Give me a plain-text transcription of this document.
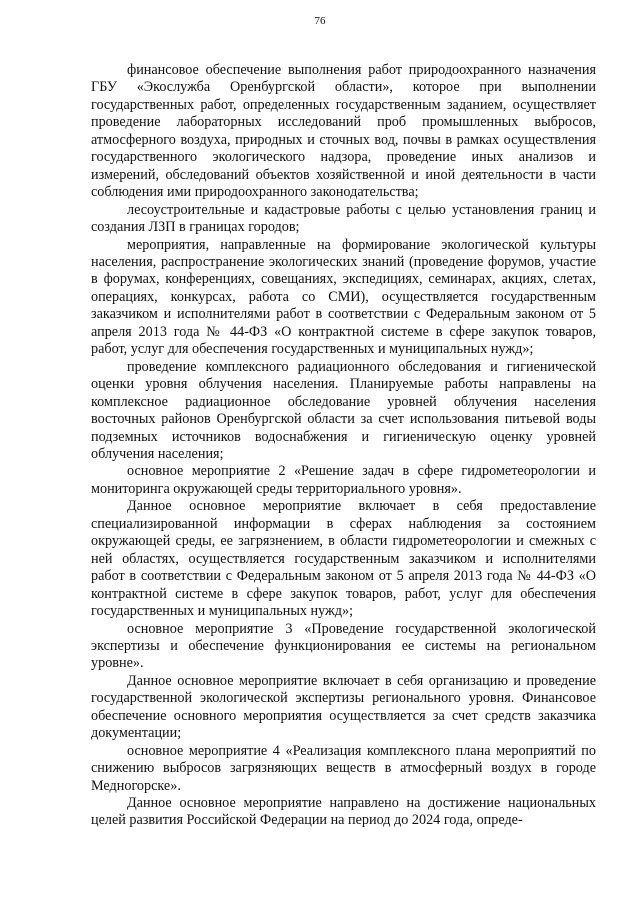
76

финансовое обеспечение выполнения работ природоохранного назначения ГБУ «Экослужба Оренбургской области», которое при выполнении государственных работ, определенных государственным заданием, осуществляет проведение лабораторных исследований проб промышленных выбросов, атмосферного воздуха, природных и сточных вод, почвы в рамках осуществления государственного экологического надзора, проведение иных анализов и измерений, обследований объектов хозяйственной и иной деятельности в части соблюдения ими природоохранного законодательства;

лесоустроительные и кадастровые работы с целью установления границ и создания ЛЗП в границах городов;

мероприятия, направленные на формирование экологической культуры населения, распространение экологических знаний (проведение форумов, участие в форумах, конференциях, совещаниях, экспедициях, семинарах, акциях, слетах, операциях, конкурсах, работа со СМИ), осуществляется государственным заказчиком и исполнителями работ в соответствии с Федеральным законом от 5 апреля 2013 года № 44-ФЗ «О контрактной системе в сфере закупок товаров, работ, услуг для обеспечения государственных и муниципальных нужд»;

проведение комплексного радиационного обследования и гигиенической оценки уровня облучения населения. Планируемые работы направлены на комплексное радиационное обследование уровней облучения населения восточных районов Оренбургской области за счет использования питьевой воды подземных источников водоснабжения и гигиеническую оценку уровней облучения населения;

основное мероприятие 2 «Решение задач в сфере гидрометеорологии и мониторинга окружающей среды территориального уровня».

Данное основное мероприятие включает в себя предоставление специализированной информации в сферах наблюдения за состоянием окружающей среды, ее загрязнением, в области гидрометеорологии и смежных с ней областях, осуществляется государственным заказчиком и исполнителями работ в соответствии с Федеральным законом от 5 апреля 2013 года № 44-ФЗ «О контрактной системе в сфере закупок товаров, работ, услуг для обеспечения государственных и муниципальных нужд»;

основное мероприятие 3 «Проведение государственной экологической экспертизы и обеспечение функционирования ее системы на региональном уровне».

Данное основное мероприятие включает в себя организацию и проведение государственной экологической экспертизы регионального уровня. Финансовое обеспечение основного мероприятия осуществляется за счет средств заказчика документации;

основное мероприятие 4 «Реализация комплексного плана мероприятий по снижению выбросов загрязняющих веществ в атмосферный воздух в городе Медногорске».

Данное основное мероприятие направлено на достижение национальных целей развития Российской Федерации на период до 2024 года, опреде-
